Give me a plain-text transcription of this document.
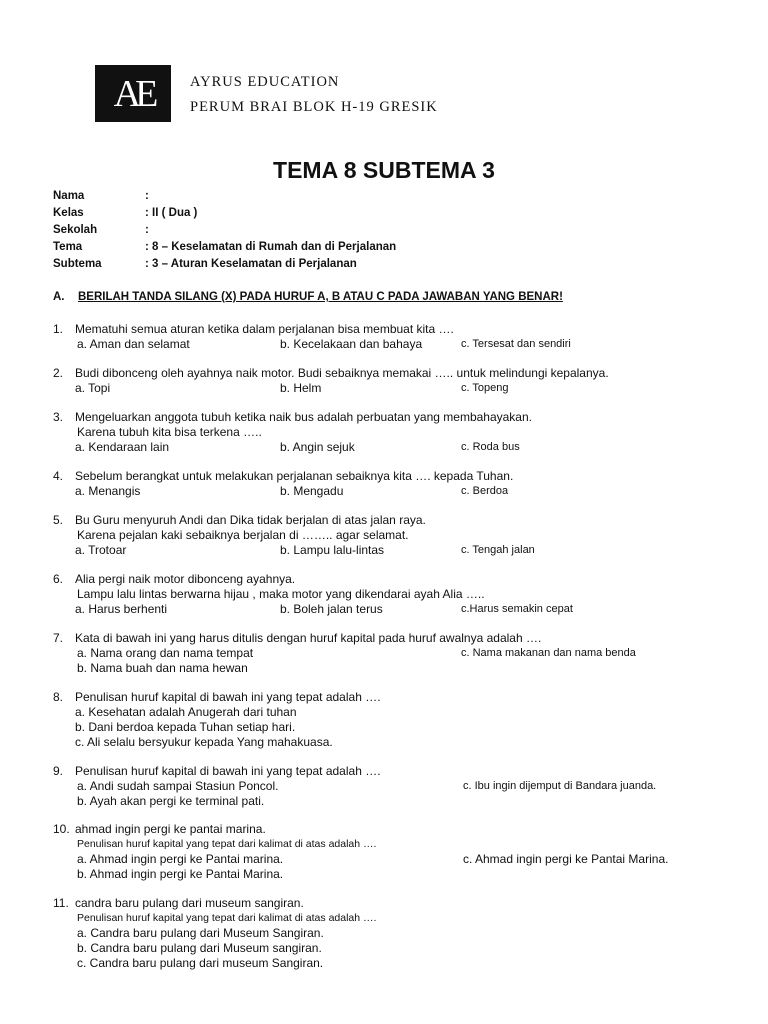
AE	AYRUS EDUCATION
PERUM BRAI BLOK H-19 GRESIK
TEMA 8 SUBTEMA 3
Nama	:
Kelas	: II ( Dua )
Sekolah	:
Tema	: 8 – Keselamatan di Rumah dan di Perjalanan
Subtema	: 3 – Aturan Keselamatan di Perjalanan
A. BERILAH TANDA SILANG (X) PADA HURUF A, B ATAU C PADA JAWABAN YANG BENAR!
1. Mematuhi semua aturan ketika dalam perjalanan bisa membuat kita ….
a. Aman dan selamat	b. Kecelakaan dan bahaya	c. Tersesat dan sendiri
2. Budi dibonceng oleh ayahnya naik motor. Budi sebaiknya memakai ….. untuk melindungi kepalanya.
a. Topi	b. Helm	c. Topeng
3. Mengeluarkan anggota tubuh ketika naik bus adalah perbuatan yang membahayakan.
Karena tubuh kita bisa terkena …..
a. Kendaraan lain	b. Angin sejuk	c. Roda bus
4. Sebelum berangkat untuk melakukan perjalanan sebaiknya kita …. kepada Tuhan.
a. Menangis	b. Mengadu	c. Berdoa
5. Bu Guru menyuruh Andi dan Dika tidak berjalan di atas jalan raya.
Karena pejalan kaki sebaiknya berjalan di …….. agar selamat.
a. Trotoar	b. Lampu lalu-lintas	c. Tengah jalan
6. Alia pergi naik motor dibonceng ayahnya.
Lampu lalu lintas berwarna hijau , maka motor yang dikendarai ayah Alia …..
a. Harus berhenti	b. Boleh jalan terus	c.Harus semakin cepat
7. Kata di bawah ini yang harus ditulis dengan huruf kapital pada huruf awalnya adalah ….
a. Nama orang dan nama tempat	c. Nama makanan dan nama benda
b. Nama buah dan nama hewan
8. Penulisan huruf kapital di bawah ini yang tepat adalah ….
a. Kesehatan adalah Anugerah dari tuhan
b. Dani berdoa kepada Tuhan setiap hari.
c. Ali selalu bersyukur kepada Yang mahakuasa.
9. Penulisan huruf kapital di bawah ini yang tepat adalah ….
a. Andi sudah sampai Stasiun Poncol.	c. Ibu ingin dijemput di Bandara juanda.
b. Ayah akan pergi ke terminal pati.
10. ahmad ingin pergi ke pantai marina.
Penulisan huruf kapital yang tepat dari kalimat di atas adalah ….
a. Ahmad ingin pergi ke Pantai marina.	c. Ahmad ingin pergi ke Pantai Marina.
b. Ahmad ingin pergi ke Pantai Marina.
11. candra baru pulang dari museum sangiran.
Penulisan huruf kapital yang tepat dari kalimat di atas adalah ….
a. Candra baru pulang dari Museum Sangiran.
b. Candra baru pulang dari Museum sangiran.
c. Candra baru pulang dari museum Sangiran.
